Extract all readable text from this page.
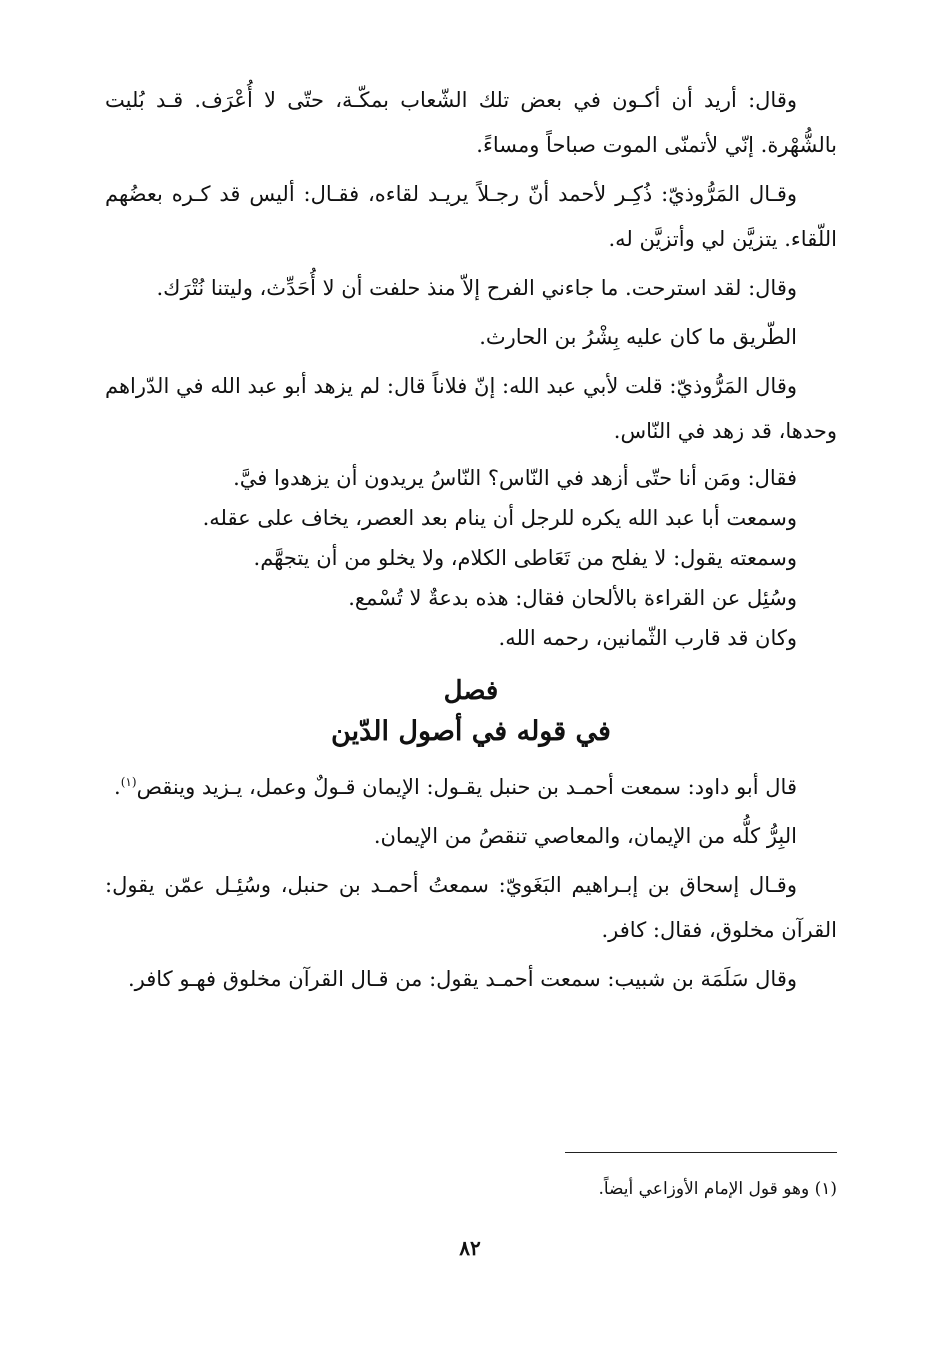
وقال: أريد أن أكـون في بعض تلك الشّعاب بمكّـة، حتّى لا أُعْرَف. قـد بُليت بالشُّهْرة. إنّي لأتمنّى الموت صباحاً ومساءً.

وقـال المَرُّوذيّ: ذُكِـر لأحمد أنّ رجـلاً يريـد لقاءه، فقـال: أليس قد كـره بعضُهم اللّقاء. يتزيَّن لي وأتزيَّن له.

وقال: لقد استرحت. ما جاءني الفرح إلاّ منذ حلفت أن لا أُحَدِّث، وليتنا نُتْرَك.

الطّريق ما كان عليه بِشْرُ بن الحارث.

وقال المَرُّوذيّ: قلت لأبي عبد الله: إنّ فلاناً قال: لم يزهد أبو عبد الله في الدّراهم وحدها، قد زهد في النّاس.

فقال: ومَن أنا حتّى أزهد في النّاس؟ النّاسُ يريدون أن يزهدوا فيَّ.

وسمعت أبا عبد الله يكره للرجل أن ينام بعد العصر، يخاف على عقله.

وسمعته يقول: لا يفلح من تَعَاطى الكلام، ولا يخلو من أن يتجهَّم.

وسُئِل عن القراءة بالألحان فقال: هذه بدعةٌ لا تُسْمع.

وكان قد قارب الثّمانين، رحمه الله.

فصل
في قوله في أصول الدّين

قال أبو داود: سمعت أحمـد بن حنبل يقـول: الإيمان قـولٌ وعمل، يـزيد وينقص$^{(١)}$.

البِرُّ كلُّه من الإيمان، والمعاصي تنقصُ من الإيمان.

وقـال إسحاق بن إبـراهيم البَغَويّ: سمعتُ أحمـد بن حنبل، وسُئِـل عمّن يقول: القرآن مخلوق، فقال: كافر.

وقال سَلَمَة بن شبيب: سمعت أحمـد يقول: من قـال القرآن مخلوق فهـو كافر.

(١) وهو قول الإمام الأوزاعي أيضاً.
٨٢
